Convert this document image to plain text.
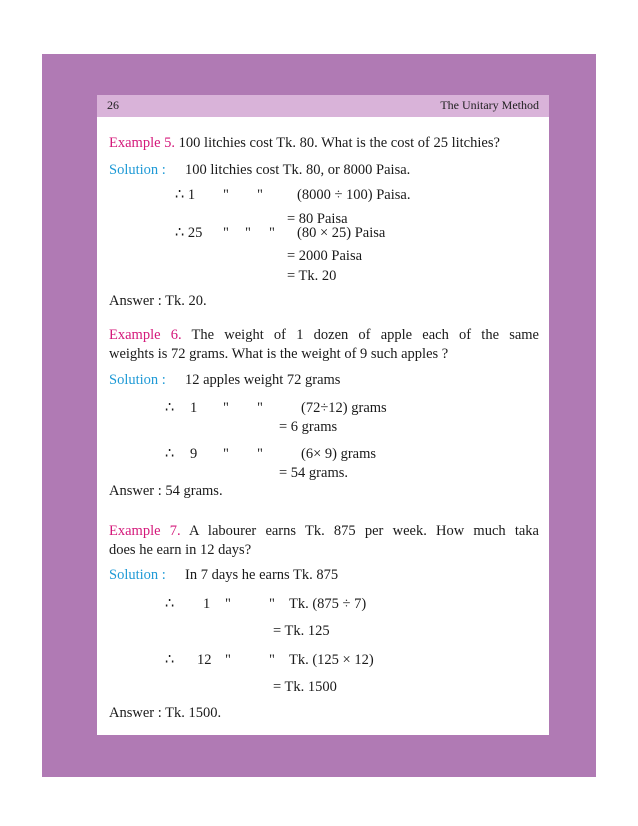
26	The Unitary Method
Example 5. 100 litchies cost Tk. 80. What is the cost of 25 litchies?
Solution : 100 litchies cost Tk. 80, or 8000 Paisa.
∴ 1 " " (8000 ÷ 100) Paisa.
= 80 Paisa
∴ 25 " " " (80 × 25) Paisa
= 2000 Paisa
= Tk. 20
Answer : Tk. 20.
Example 6. The weight of 1 dozen of apple each of the same
weights is 72 grams. What is the weight of 9 such apples ?
Solution : 12 apples weight 72 grams
∴ 1 " "	(72÷12) grams
= 6 grams
∴ 9 " "	(6× 9) grams
= 54 grams.
Answer : 54 grams.
Example 7. A labourer earns Tk. 875 per week. How much taka
does he earn in 12 days?
Solution : In 7 days he earns Tk. 875
∴ 1 "	" Tk. (875 ÷ 7)
= Tk. 125
∴ 12 "	" Tk. (125 × 12)
= Tk. 1500
Answer : Tk. 1500.
